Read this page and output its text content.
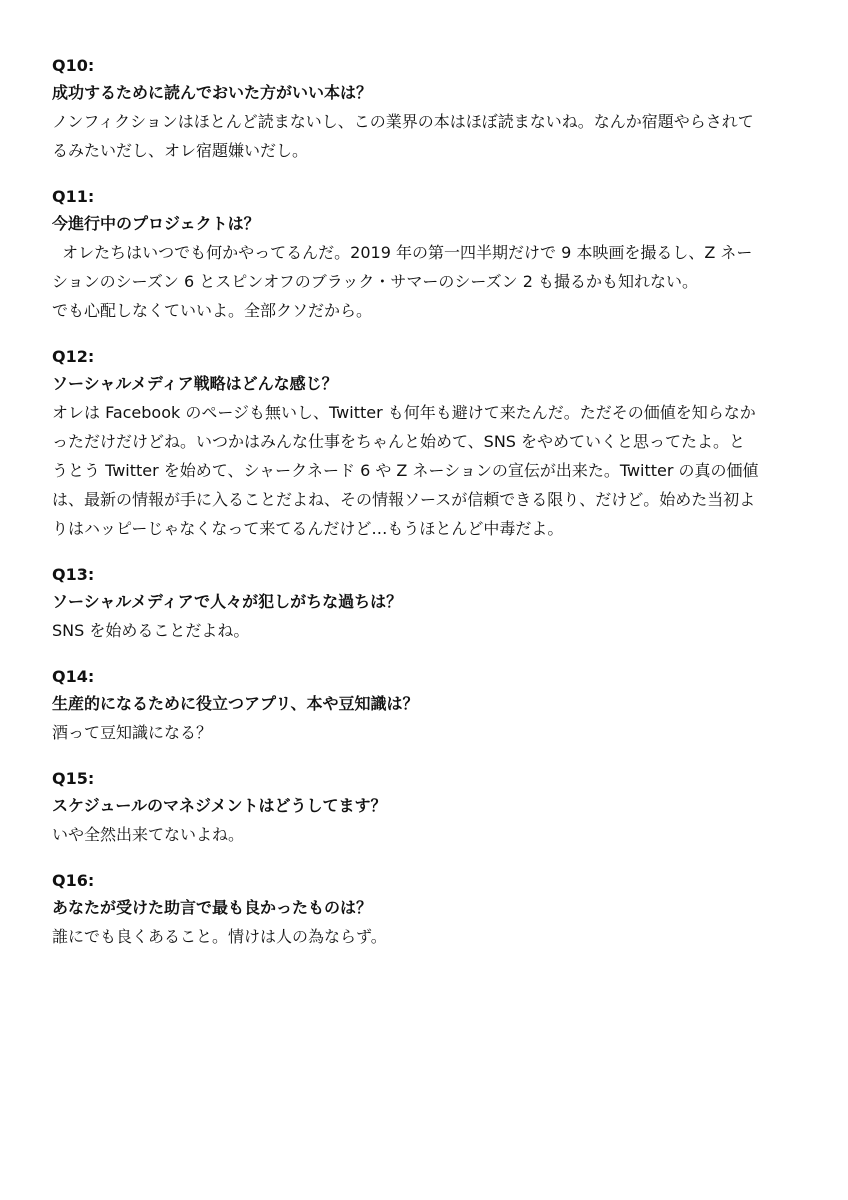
Q10:

成功するために読んでおいた方がいい本は？

ノンフィクションはほとんど読まないし、この業界の本はほぼ読まないね。なんか宿題やらされて
るみたいだし、オレ宿題嫌いだし。

Q11:

今進行中のプロジェクトは？

オレたちはいつでも何かやってるんだ。2019 年の第一四半期だけで 9 本映画を撮るし、Z ネー
ションのシーズン 6 とスピンオフのブラック・サマーのシーズン 2 も撮るかも知れない。
でも心配しなくていいよ。全部クソだから。

Q12:

ソーシャルメディア戦略はどんな感じ？

オレは Facebook のページも無いし、Twitter も何年も避けて来たんだ。ただその価値を知らなか
っただけだけどね。いつかはみんな仕事をちゃんと始めて、SNS をやめていくと思ってたよ。と
うとう Twitter を始めて、シャークネード 6 や Z ネーションの宣伝が出来た。Twitter の真の価値
は、最新の情報が手に入ることだよね、その情報ソースが信頼できる限り、だけど。始めた当初よ
りはハッピーじゃなくなって来てるんだけど…もうほとんど中毒だよ。

Q13:

ソーシャルメディアで人々が犯しがちな過ちは？

SNS を始めることだよね。

Q14:

生産的になるために役立つアプリ、本や豆知識は？

酒って豆知識になる？

Q15:

スケジュールのマネジメントはどうしてます？

いや全然出来てないよね。

Q16:

あなたが受けた助言で最も良かったものは？

誰にでも良くあること。情けは人の為ならず。
